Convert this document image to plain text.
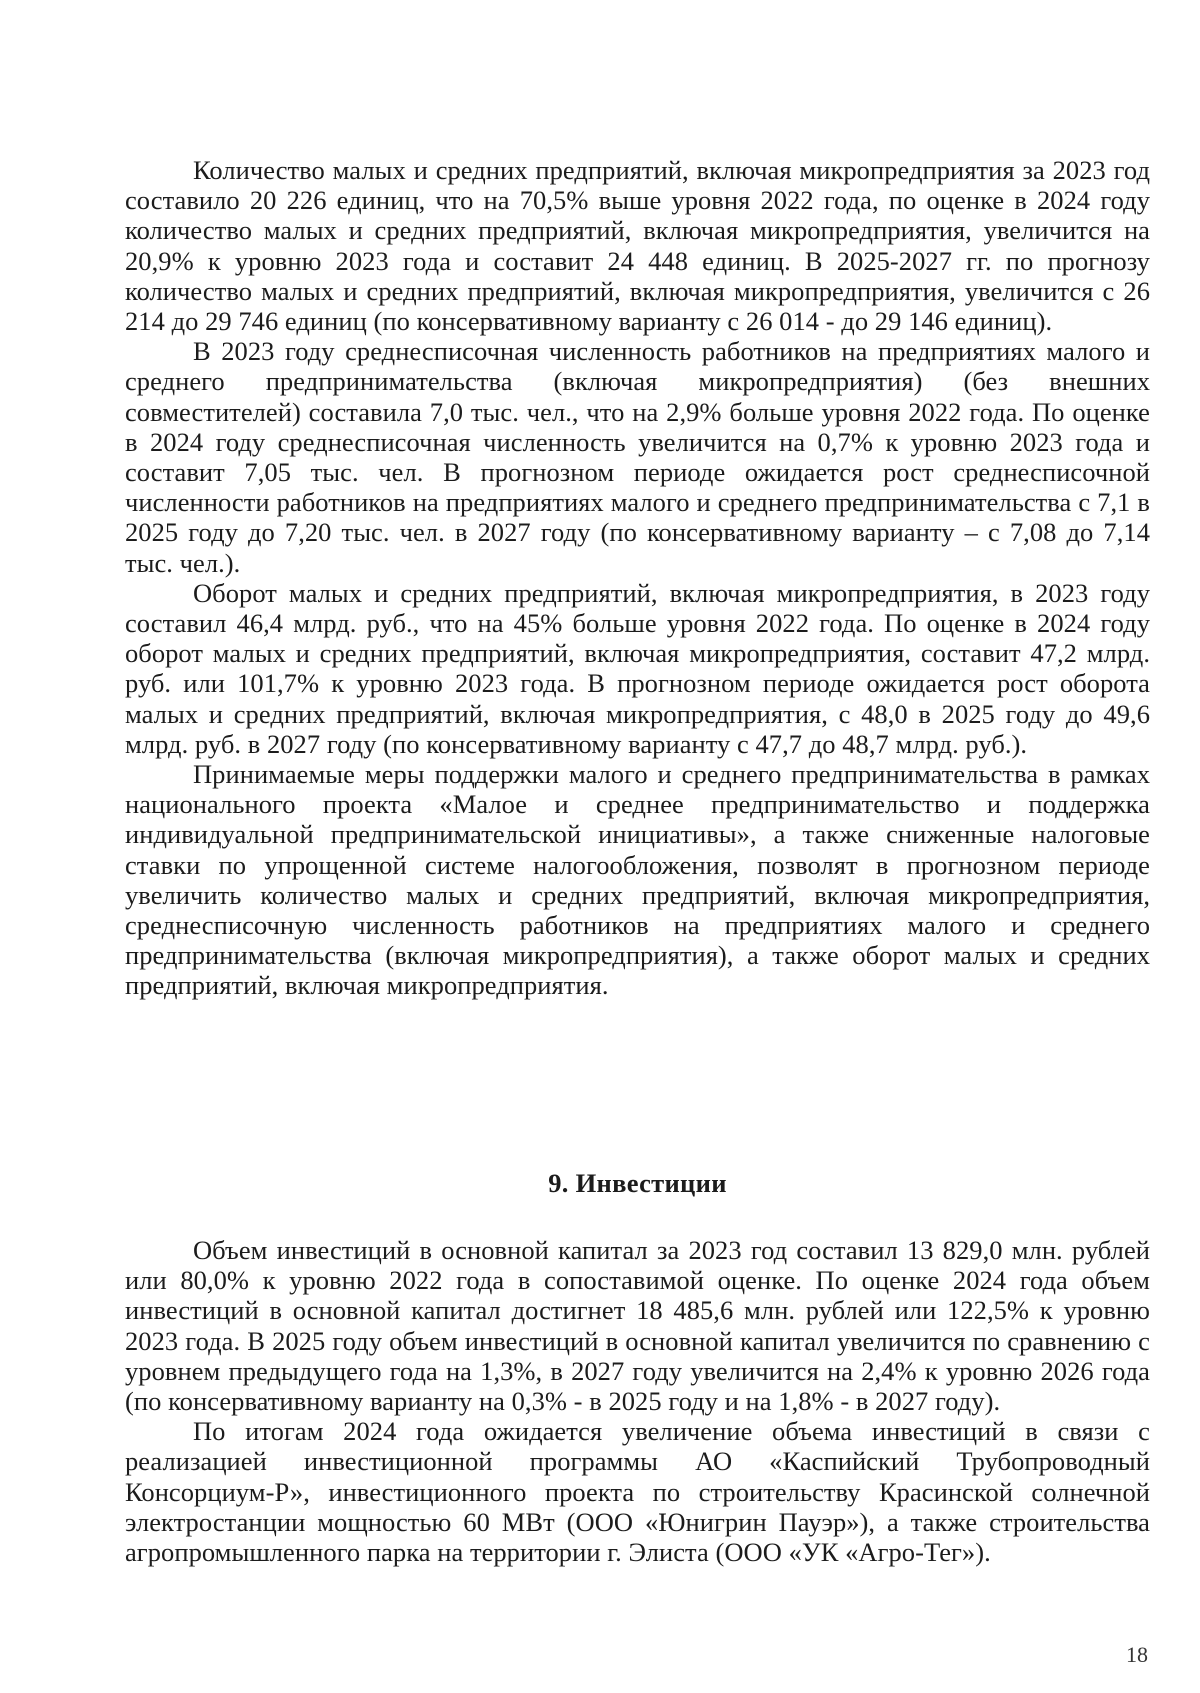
Количество малых и средних предприятий, включая микропредприятия за 2023 год составило 20 226 единиц, что на 70,5% выше уровня 2022 года, по оценке в 2024 году количество малых и средних предприятий, включая микропредприятия, увеличится на 20,9% к уровню 2023 года и составит 24 448 единиц. В 2025-2027 гг. по прогнозу количество малых и средних предприятий, включая микропредприятия, увеличится с 26 214 до 29 746 единиц (по консервативному варианту с 26 014 - до 29 146 единиц).

В 2023 году среднесписочная численность работников на предприятиях малого и среднего предпринимательства (включая микропредприятия) (без внешних совместителей) составила 7,0 тыс. чел., что на 2,9% больше уровня 2022 года. По оценке в 2024 году среднесписочная численность увеличится на 0,7% к уровню 2023 года и составит 7,05 тыс. чел. В прогнозном периоде ожидается рост среднесписочной численности работников на предприятиях малого и среднего предпринимательства с 7,1 в 2025 году до 7,20 тыс. чел. в 2027 году (по консервативному варианту – с 7,08 до 7,14 тыс. чел.).

Оборот малых и средних предприятий, включая микропредприятия, в 2023 году составил 46,4 млрд. руб., что на 45% больше уровня 2022 года. По оценке в 2024 году оборот малых и средних предприятий, включая микропредприятия, составит 47,2 млрд. руб. или 101,7% к уровню 2023 года. В прогнозном периоде ожидается рост оборота малых и средних предприятий, включая микропредприятия, с 48,0 в 2025 году до 49,6 млрд. руб. в 2027 году (по консервативному варианту с 47,7 до 48,7 млрд. руб.).

Принимаемые меры поддержки малого и среднего предпринимательства в рамках национального проекта «Малое и среднее предпринимательство и поддержка индивидуальной предпринимательской инициативы», а также сниженные налоговые ставки по упрощенной системе налогообложения, позволят в прогнозном периоде увеличить количество малых и средних предприятий, включая микропредприятия, среднесписочную численность работников на предприятиях малого и среднего предпринимательства (включая микропредприятия), а также оборот малых и средних предприятий, включая микропредприятия.

9. Инвестиции

Объем инвестиций в основной капитал за 2023 год составил 13 829,0 млн. рублей или 80,0% к уровню 2022 года в сопоставимой оценке. По оценке 2024 года объем инвестиций в основной капитал достигнет 18 485,6 млн. рублей или 122,5% к уровню 2023 года. В 2025 году объем инвестиций в основной капитал увеличится по сравнению с уровнем предыдущего года на 1,3%, в 2027 году увеличится на 2,4% к уровню 2026 года (по консервативному варианту на 0,3% - в 2025 году и на 1,8% - в 2027 году).

По итогам 2024 года ожидается увеличение объема инвестиций в связи с реализацией инвестиционной программы АО «Каспийский Трубопроводный Консорциум-Р», инвестиционного проекта по строительству Красинской солнечной электростанции мощностью 60 МВт (ООО «Юнигрин Пауэр»), а также строительства агропромышленного парка на территории г. Элиста (ООО «УК «Агро-Тег»).

18
